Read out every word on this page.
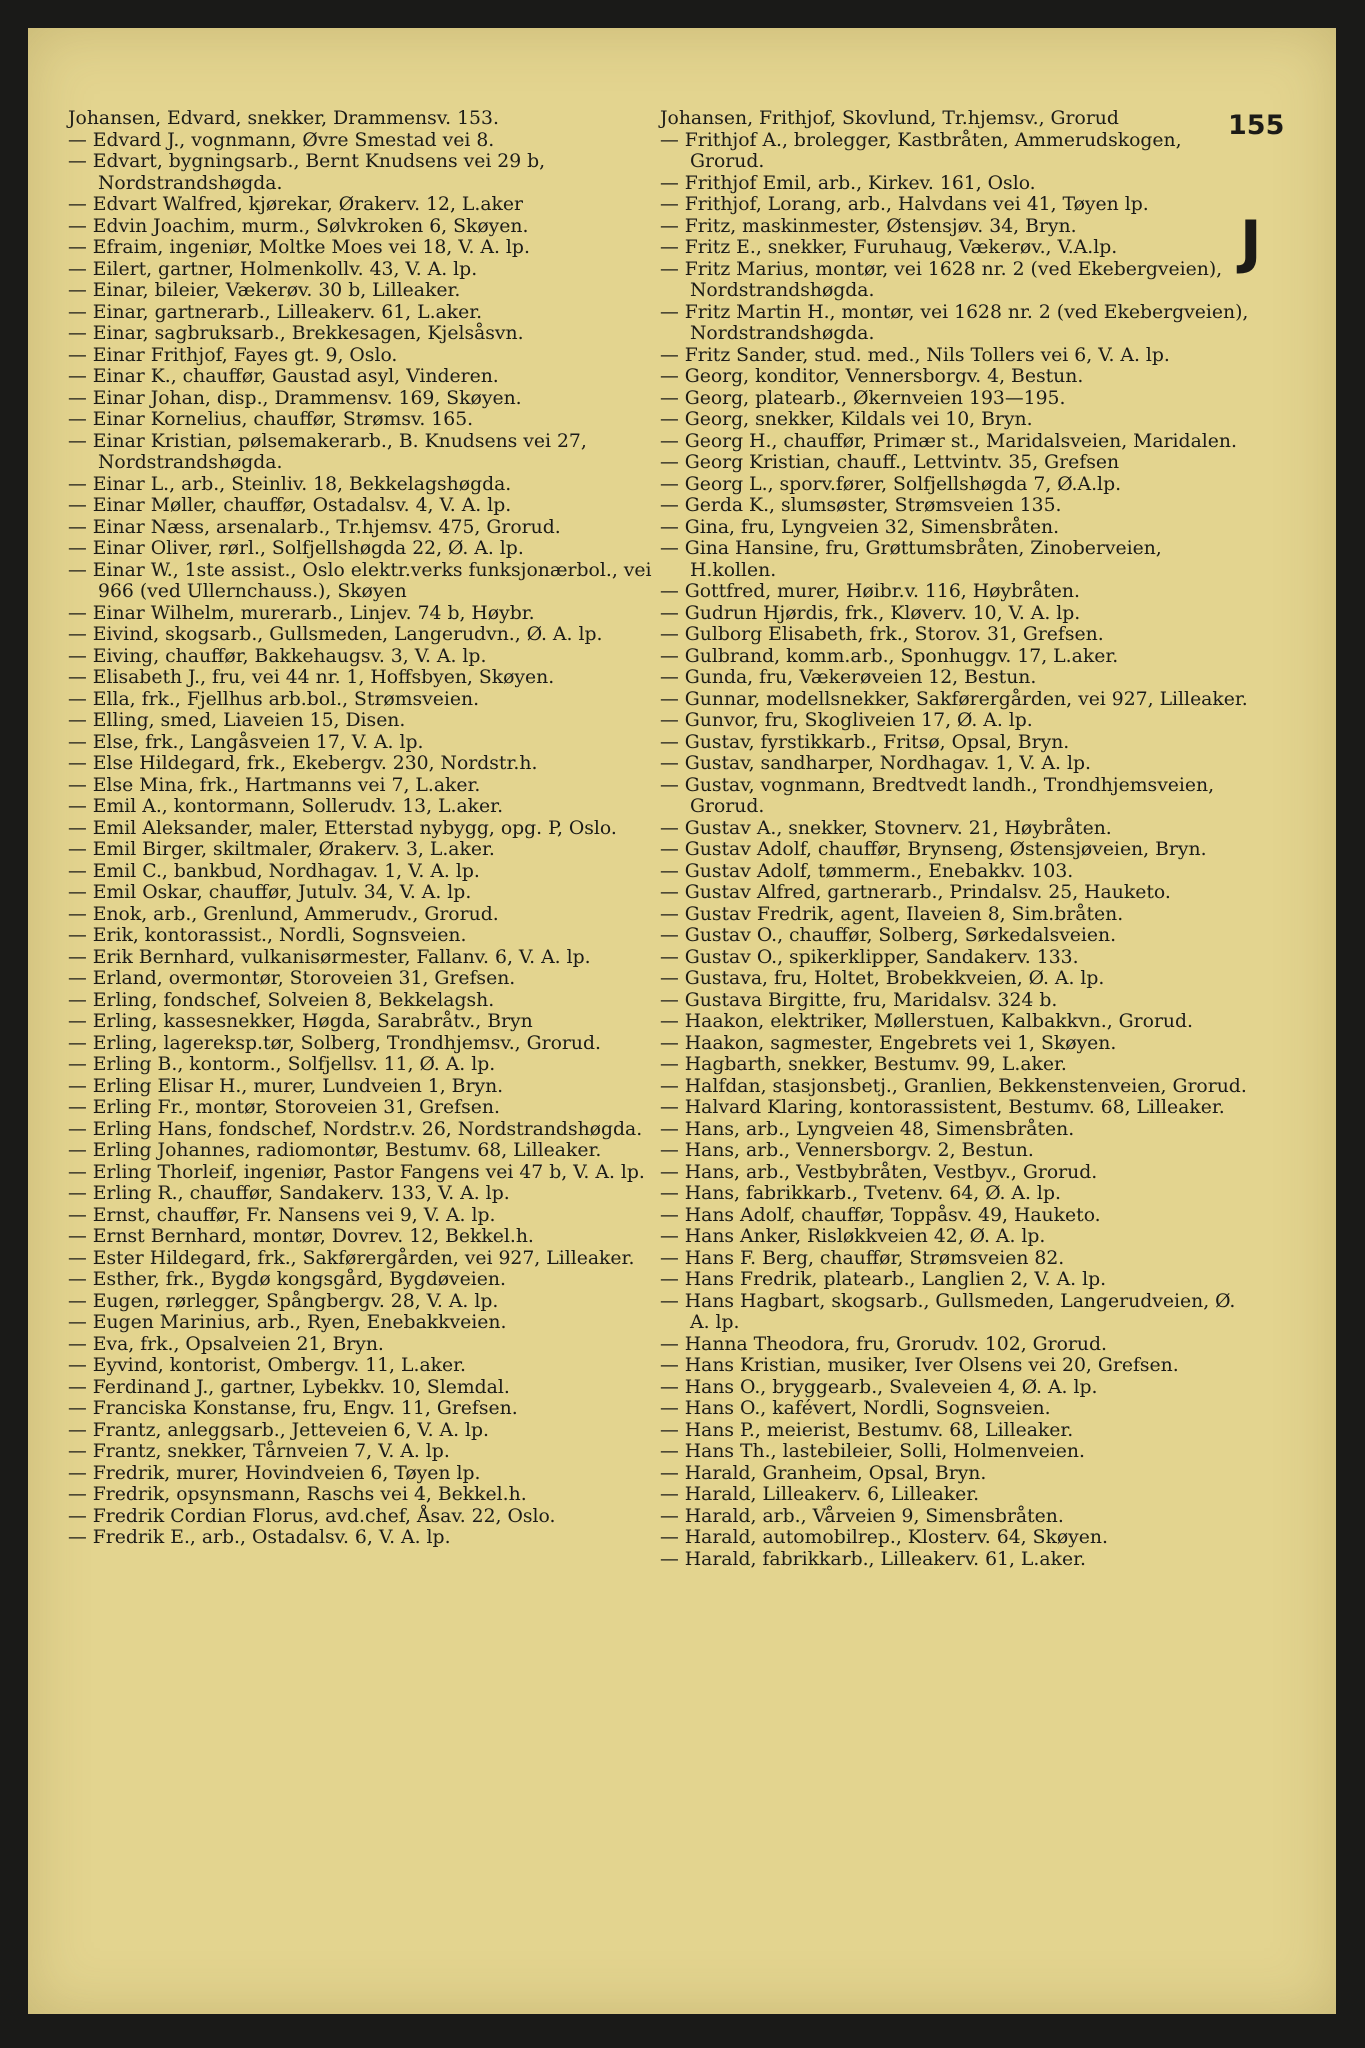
155
J

Johansen, Edvard, snekker, Drammensv. 153.

— Edvard J., vognmann, Øvre Smestad vei 8.

— Edvart, bygningsarb., Bernt Knudsens vei 29 b, Nordstrandshøgda.

— Edvart Walfred, kjørekar, Ørakerv. 12, L.aker

— Edvin Joachim, murm., Sølvkroken 6, Skøyen.

— Efraim, ingeniør, Moltke Moes vei 18, V. A. lp.

— Eilert, gartner, Holmenkollv. 43, V. A. lp.

— Einar, bileier, Vækerøv. 30 b, Lilleaker.

— Einar, gartnerarb., Lilleakerv. 61, L.aker.

— Einar, sagbruksarb., Brekkesagen, Kjelsåsvn.

— Einar Frithjof, Fayes gt. 9, Oslo.

— Einar K., chauffør, Gaustad asyl, Vinderen.

— Einar Johan, disp., Drammensv. 169, Skøyen.

— Einar Kornelius, chauffør, Strømsv. 165.

— Einar Kristian, pølsemakerarb., B. Knudsens vei 27, Nordstrandshøgda.

— Einar L., arb., Steinliv. 18, Bekkelagshøgda.

— Einar Møller, chauffør, Ostadalsv. 4, V. A. lp.

— Einar Næss, arsenalarb., Tr.hjemsv. 475, Grorud.

— Einar Oliver, rørl., Solfjellshøgda 22, Ø. A. lp.

— Einar W., 1ste assist., Oslo elektr.verks funksjonærbol., vei 966 (ved Ullernchauss.), Skøyen

— Einar Wilhelm, murerarb., Linjev. 74 b, Høybr.

— Eivind, skogsarb., Gullsmeden, Langerudvn., Ø. A. lp.

— Eiving, chauffør, Bakkehaugsv. 3, V. A. lp.

— Elisabeth J., fru, vei 44 nr. 1, Hoffsbyen, Skøyen.

— Ella, frk., Fjellhus arb.bol., Strømsveien.

— Elling, smed, Liaveien 15, Disen.

— Else, frk., Langåsveien 17, V. A. lp.

— Else Hildegard, frk., Ekebergv. 230, Nordstr.h.

— Else Mina, frk., Hartmanns vei 7, L.aker.

— Emil A., kontormann, Sollerudv. 13, L.aker.

— Emil Aleksander, maler, Etterstad nybygg, opg. P, Oslo.

— Emil Birger, skiltmaler, Ørakerv. 3, L.aker.

— Emil C., bankbud, Nordhagav. 1, V. A. lp.

— Emil Oskar, chauffør, Jutulv. 34, V. A. lp.

— Enok, arb., Grenlund, Ammerudv., Grorud.

— Erik, kontorassist., Nordli, Sognsveien.

— Erik Bernhard, vulkanisørmester, Fallanv. 6, V. A. lp.

— Erland, overmontør, Storoveien 31, Grefsen.

— Erling, fondschef, Solveien 8, Bekkelagsh.

— Erling, kassesnekker, Høgda, Sarabråtv., Bryn

— Erling, lagereksp.tør, Solberg, Trondhjemsv., Grorud.

— Erling B., kontorm., Solfjellsv. 11, Ø. A. lp.

— Erling Elisar H., murer, Lundveien 1, Bryn.

— Erling Fr., montør, Storoveien 31, Grefsen.

— Erling Hans, fondschef, Nordstr.v. 26, Nordstrandshøgda.

— Erling Johannes, radiomontør, Bestumv. 68, Lilleaker.

— Erling Thorleif, ingeniør, Pastor Fangens vei 47 b, V. A. lp.

— Erling R., chauffør, Sandakerv. 133, V. A. lp.

— Ernst, chauffør, Fr. Nansens vei 9, V. A. lp.

— Ernst Bernhard, montør, Dovrev. 12, Bekkel.h.

— Ester Hildegard, frk., Sakførergården, vei 927, Lilleaker.

— Esther, frk., Bygdø kongsgård, Bygdøveien.

— Eugen, rørlegger, Spångbergv. 28, V. A. lp.

— Eugen Marinius, arb., Ryen, Enebakkveien.

— Eva, frk., Opsalveien 21, Bryn.

— Eyvind, kontorist, Ombergv. 11, L.aker.

— Ferdinand J., gartner, Lybekkv. 10, Slemdal.

— Franciska Konstanse, fru, Engv. 11, Grefsen.

— Frantz, anleggsarb., Jetteveien 6, V. A. lp.

— Frantz, snekker, Tårnveien 7, V. A. lp.

— Fredrik, murer, Hovindveien 6, Tøyen lp.

— Fredrik, opsynsmann, Raschs vei 4, Bekkel.h.

— Fredrik Cordian Florus, avd.chef, Åsav. 22, Oslo.

— Fredrik E., arb., Ostadalsv. 6, V. A. lp.

Johansen, Frithjof, Skovlund, Tr.hjemsv., Grorud

— Frithjof A., brolegger, Kastbråten, Ammerudskogen, Grorud.

— Frithjof Emil, arb., Kirkev. 161, Oslo.

— Frithjof, Lorang, arb., Halvdans vei 41, Tøyen lp.

— Fritz, maskinmester, Østensjøv. 34, Bryn.

— Fritz E., snekker, Furuhaug, Vækerøv., V.A.lp.

— Fritz Marius, montør, vei 1628 nr. 2 (ved Ekebergveien), Nordstrandshøgda.

— Fritz Martin H., montør, vei 1628 nr. 2 (ved Ekebergveien), Nordstrandshøgda.

— Fritz Sander, stud. med., Nils Tollers vei 6, V. A. lp.

— Georg, konditor, Vennersborgv. 4, Bestun.

— Georg, platearb., Økernveien 193—195.

— Georg, snekker, Kildals vei 10, Bryn.

— Georg H., chauffør, Primær st., Maridalsveien, Maridalen.

— Georg Kristian, chauff., Lettvintv. 35, Grefsen

— Georg L., sporv.fører, Solfjellshøgda 7, Ø.A.lp.

— Gerda K., slumsøster, Strømsveien 135.

— Gina, fru, Lyngveien 32, Simensbråten.

— Gina Hansine, fru, Grøttumsbråten, Zinoberveien, H.kollen.

— Gottfred, murer, Høibr.v. 116, Høybråten.

— Gudrun Hjørdis, frk., Kløverv. 10, V. A. lp.

— Gulborg Elisabeth, frk., Storov. 31, Grefsen.

— Gulbrand, komm.arb., Sponhuggv. 17, L.aker.

— Gunda, fru, Vækerøveien 12, Bestun.

— Gunnar, modellsnekker, Sakførergården, vei 927, Lilleaker.

— Gunvor, fru, Skogliveien 17, Ø. A. lp.

— Gustav, fyrstikkarb., Fritsø, Opsal, Bryn.

— Gustav, sandharper, Nordhagav. 1, V. A. lp.

— Gustav, vognmann, Bredtvedt landh., Trondhjemsveien, Grorud.

— Gustav A., snekker, Stovnerv. 21, Høybråten.

— Gustav Adolf, chauffør, Brynseng, Østensjøveien, Bryn.

— Gustav Adolf, tømmerm., Enebakkv. 103.

— Gustav Alfred, gartnerarb., Prindalsv. 25, Hauketo.

— Gustav Fredrik, agent, Ilaveien 8, Sim.bråten.

— Gustav O., chauffør, Solberg, Sørkedalsveien.

— Gustav O., spikerklipper, Sandakerv. 133.

— Gustava, fru, Holtet, Brobekkveien, Ø. A. lp.

— Gustava Birgitte, fru, Maridalsv. 324 b.

— Haakon, elektriker, Møllerstuen, Kalbakkvn., Grorud.

— Haakon, sagmester, Engebrets vei 1, Skøyen.

— Hagbarth, snekker, Bestumv. 99, L.aker.

— Halfdan, stasjonsbetj., Granlien, Bekkenstenveien, Grorud.

— Halvard Klaring, kontorassistent, Bestumv. 68, Lilleaker.

— Hans, arb., Lyngveien 48, Simensbråten.

— Hans, arb., Vennersborgv. 2, Bestun.

— Hans, arb., Vestbybråten, Vestbyv., Grorud.

— Hans, fabrikkarb., Tvetenv. 64, Ø. A. lp.

— Hans Adolf, chauffør, Toppåsv. 49, Hauketo.

— Hans Anker, Risløkkveien 42, Ø. A. lp.

— Hans F. Berg, chauffør, Strømsveien 82.

— Hans Fredrik, platearb., Langlien 2, V. A. lp.

— Hans Hagbart, skogsarb., Gullsmeden, Langerudveien, Ø. A. lp.

— Hanna Theodora, fru, Grorudv. 102, Grorud.

— Hans Kristian, musiker, Iver Olsens vei 20, Grefsen.

— Hans O., bryggearb., Svaleveien 4, Ø. A. lp.

— Hans O., kafévert, Nordli, Sognsveien.

— Hans P., meierist, Bestumv. 68, Lilleaker.

— Hans Th., lastebileier, Solli, Holmenveien.

— Harald, Granheim, Opsal, Bryn.

— Harald, Lilleakerv. 6, Lilleaker.

— Harald, arb., Vårveien 9, Simensbråten.

— Harald, automobilrep., Klosterv. 64, Skøyen.

— Harald, fabrikkarb., Lilleakerv. 61, L.aker.
